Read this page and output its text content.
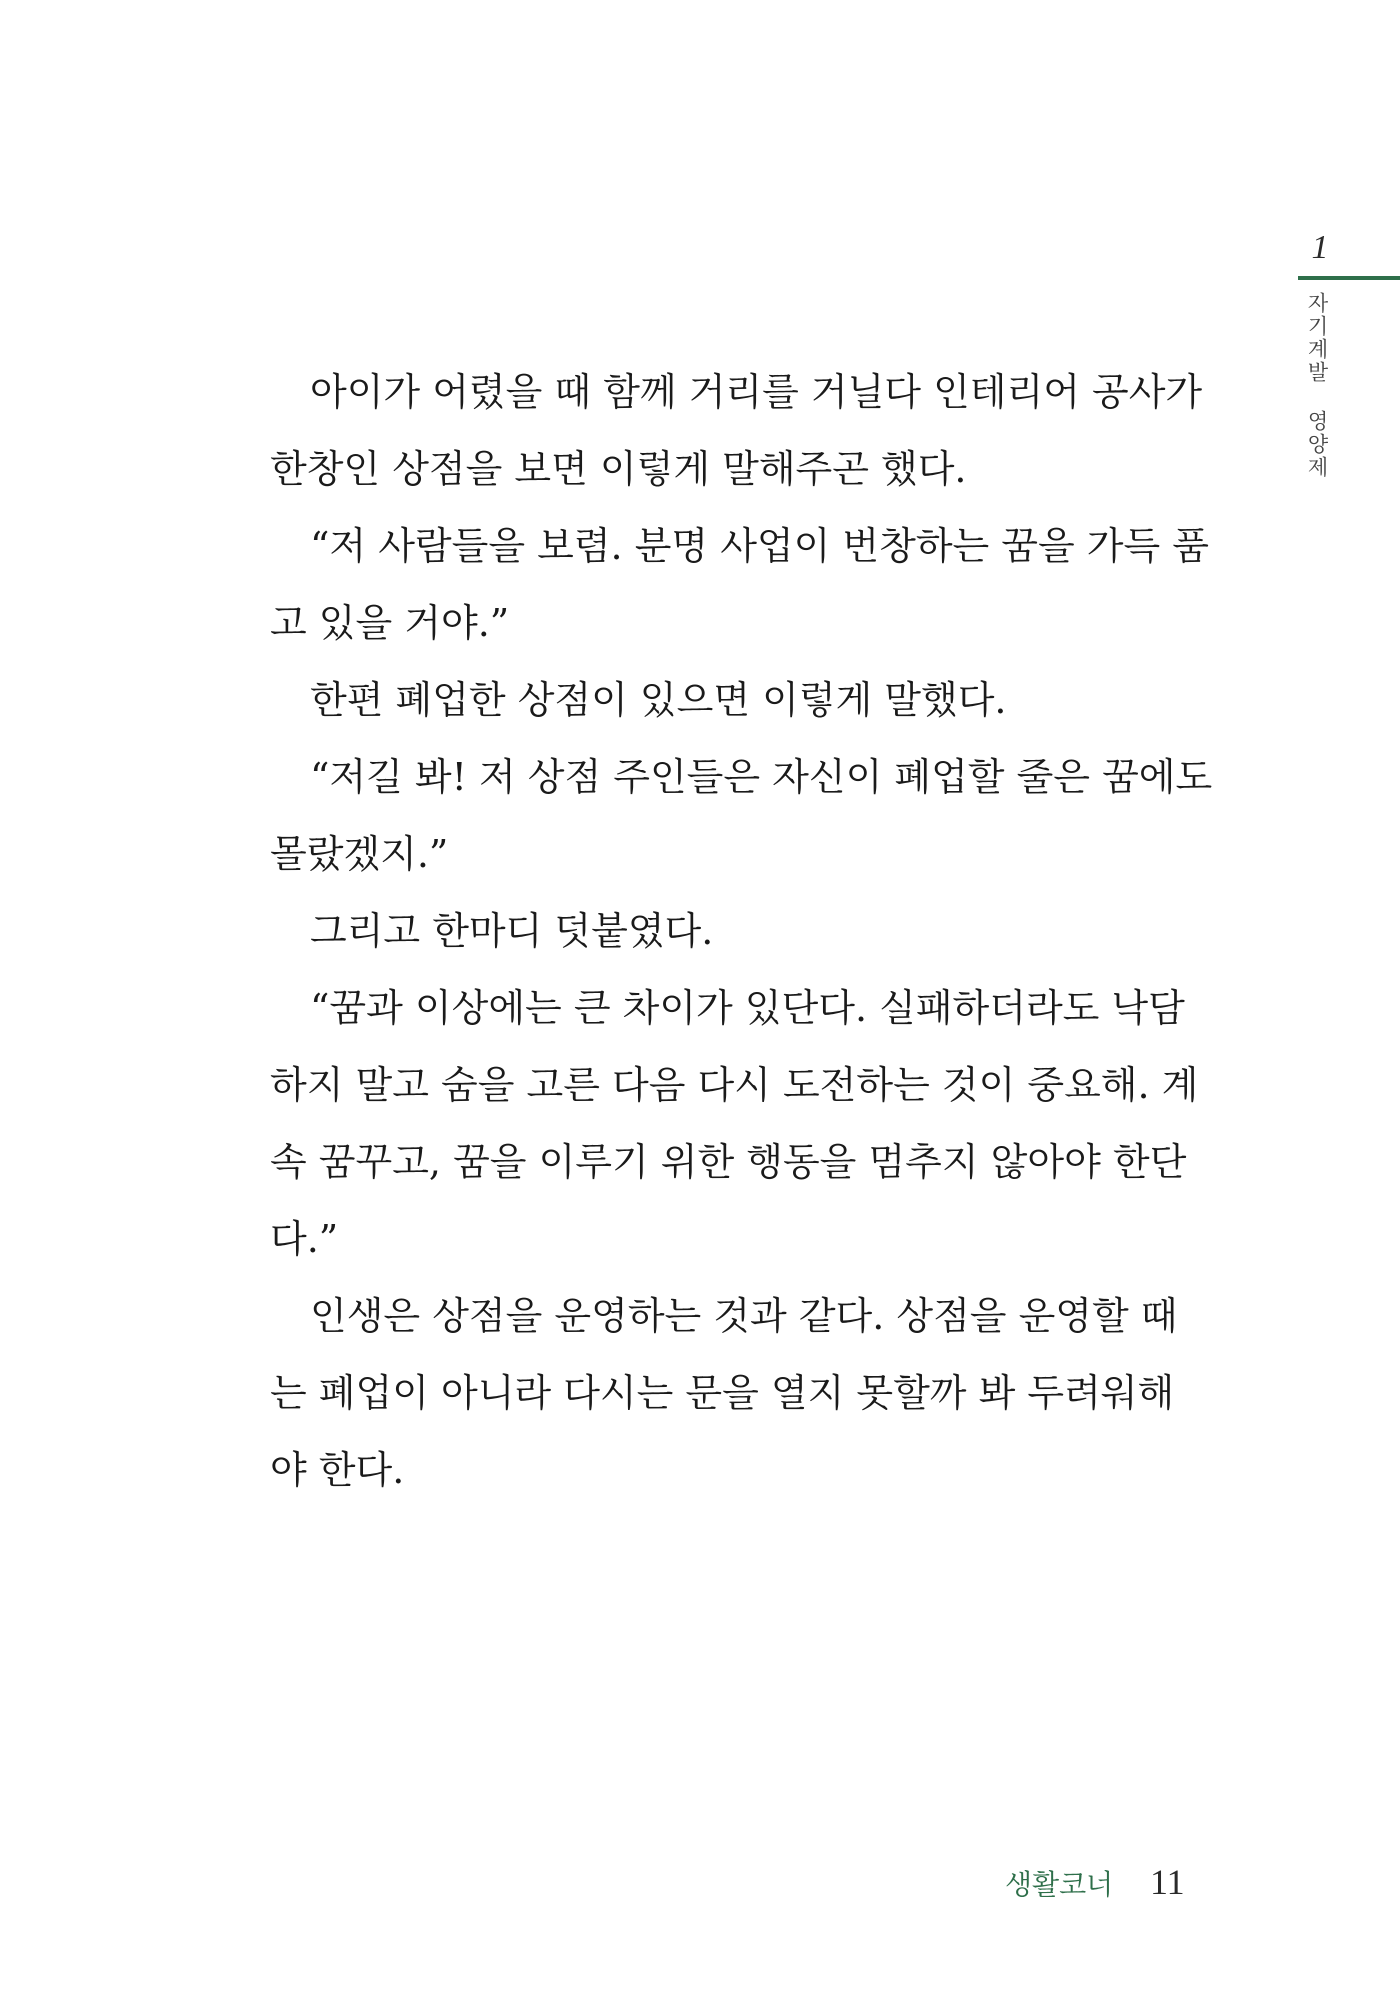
1
자기계발 영양제
아이가 어렸을 때 함께 거리를 거닐다 인테리어 공사가
한창인 상점을 보면 이렇게 말해주곤 했다.
“저 사람들을 보렴. 분명 사업이 번창하는 꿈을 가득 품
고 있을 거야.”
한편 폐업한 상점이 있으면 이렇게 말했다.
“저길 봐! 저 상점 주인들은 자신이 폐업할 줄은 꿈에도
몰랐겠지.”
그리고 한마디 덧붙였다.
“꿈과 이상에는 큰 차이가 있단다. 실패하더라도 낙담
하지 말고 숨을 고른 다음 다시 도전하는 것이 중요해. 계
속 꿈꾸고, 꿈을 이루기 위한 행동을 멈추지 않아야 한단
다.”
인생은 상점을 운영하는 것과 같다. 상점을 운영할 때
는 폐업이 아니라 다시는 문을 열지 못할까 봐 두려워해
야 한다.
생활코너 11
